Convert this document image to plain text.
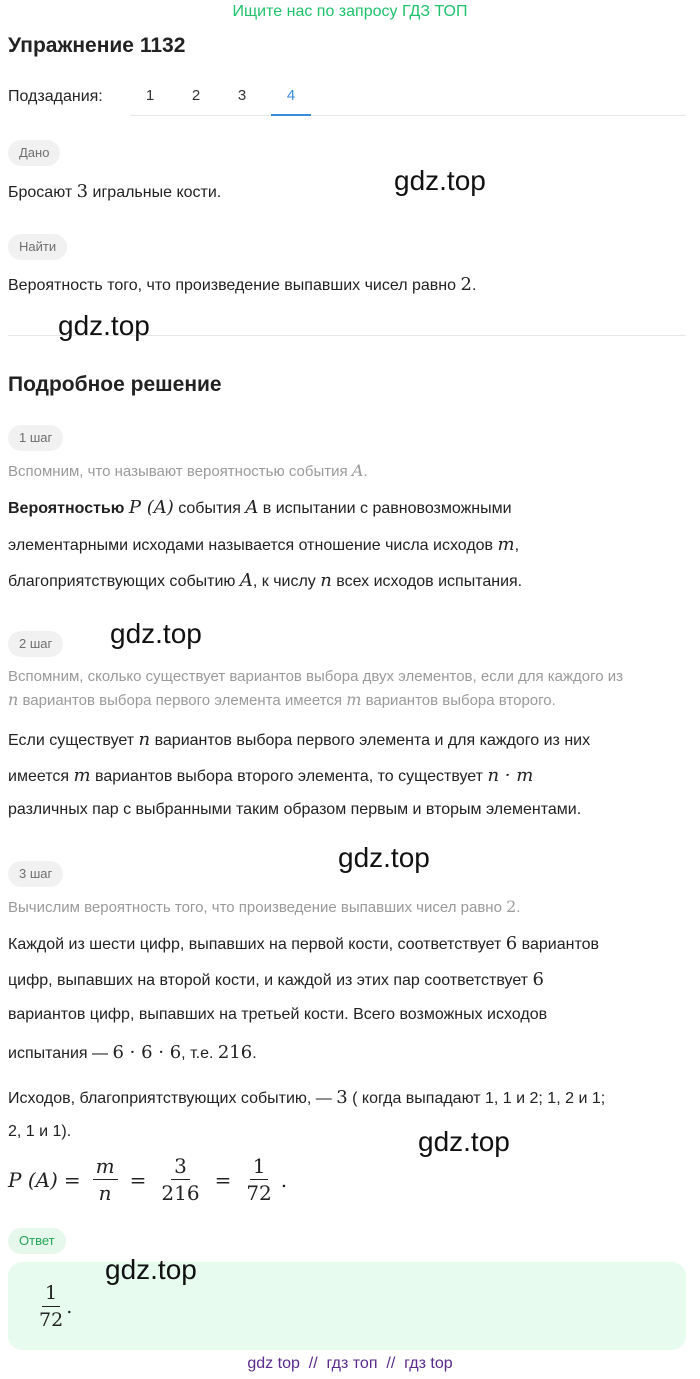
Ищите нас по запросу ГДЗ ТОП
Упражнение 1132
Подзадания:	1	2	3	4
Дано
Бросают 3 игральные кости.
Найти
Вероятность того, что произведение выпавших чисел равно 2.
Подробное решение
1 шаг
Вспомним, что называют вероятностью события A.
Вероятностью P (A) события A в испытании с равновозможными
элементарными исходами называется отношение числа исходов m,
благоприятствующих событию A, к числу n всех исходов испытания.
2 шаг
Вспомним, сколько существует вариантов выбора двух элементов, если для каждого из
n вариантов выбора первого элемента имеется m вариантов выбора второго.
Если существует n вариантов выбора первого элемента и для каждого из них
имеется m вариантов выбора второго элемента, то существует n · m
различных пар с выбранными таким образом первым и вторым элементами.
3 шаг
Вычислим вероятность того, что произведение выпавших чисел равно 2.
Каждой из шести цифр, выпавших на первой кости, соответствует 6 вариантов
цифр, выпавших на второй кости, и каждой из этих пар соответствует 6
вариантов цифр, выпавших на третьей кости. Всего возможных исходов
испытания — 6 · 6 · 6, т.е. 216.
Исходов, благоприятствующих событию, — 3 ( когда выпадают 1, 1 и 2; 1, 2 и 1;
2, 1 и 1).
P $(A) = \frac{m}{n} = \frac{3}{216} = \frac{1}{72}$ .
Ответ
$\frac{1}{72}$ .
gdz.top
gdz.top
gdz.top
gdz.top
gdz.top
gdz.top
gdz top  //  гдз топ  //  гдз top
